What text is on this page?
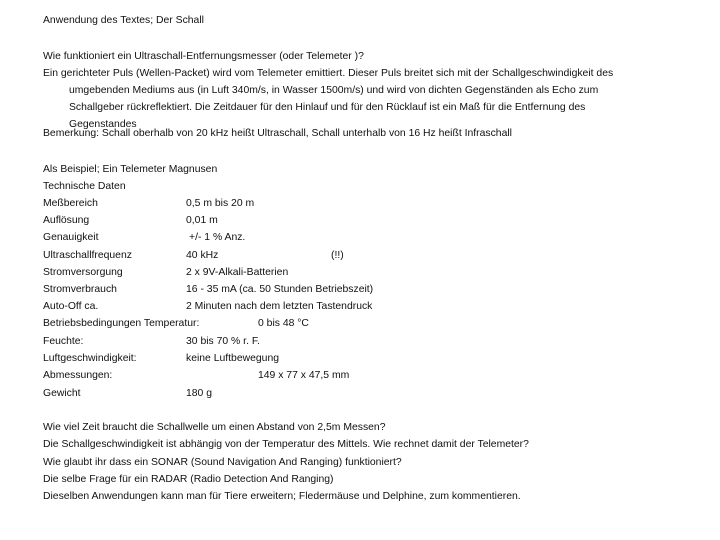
Anwendung des Textes; Der Schall
Wie funktioniert ein Ultraschall-Entfernungsmesser (oder Telemeter )?
Ein gerichteter Puls (Wellen-Packet) wird vom Telemeter emittiert. Dieser Puls breitet sich mit der Schallgeschwindigkeit des
umgebenden Mediums aus (in Luft 340m/s, in Wasser 1500m/s) und wird von dichten Gegenständen als Echo zum
Schallgeber rückreflektiert. Die Zeitdauer für den Hinlauf und für den Rücklauf ist ein Maß für die Entfernung des
Gegenstandes
Bemerkung: Schall oberhalb von 20 kHz heißt Ultraschall, Schall unterhalb von 16 Hz heißt Infraschall
Als Beispiel; Ein Telemeter Magnusen
Technische Daten
Meßbereich	0,5 m bis 20 m
Auflösung	0,01 m
Genauigkeit	+/- 1 % Anz.
Ultraschallfrequenz	40 kHz	(!!)
Stromversorgung	2 x 9V-Alkali-Batterien
Stromverbrauch	16 - 35 mA (ca. 50 Stunden Betriebszeit)
Auto-Off ca.	2 Minuten nach dem letzten Tastendruck
Betriebsbedingungen Temperatur:	0 bis 48 °C
Feuchte:	30 bis 70 % r. F.
Luftgeschwindigkeit:	keine Luftbewegung
Abmessungen:	149 x 77 x 47,5 mm
Gewicht	180 g
Wie viel Zeit braucht die Schallwelle um einen Abstand von 2,5m Messen?
Die Schallgeschwindigkeit ist abhängig von der Temperatur des Mittels. Wie rechnet damit der Telemeter?
Wie glaubt ihr dass ein SONAR (Sound Navigation And Ranging) funktioniert?
Die selbe Frage für ein RADAR (Radio Detection And Ranging)
Dieselben Anwendungen kann man für Tiere erweitern; Fledermäuse und Delphine, zum kommentieren.
